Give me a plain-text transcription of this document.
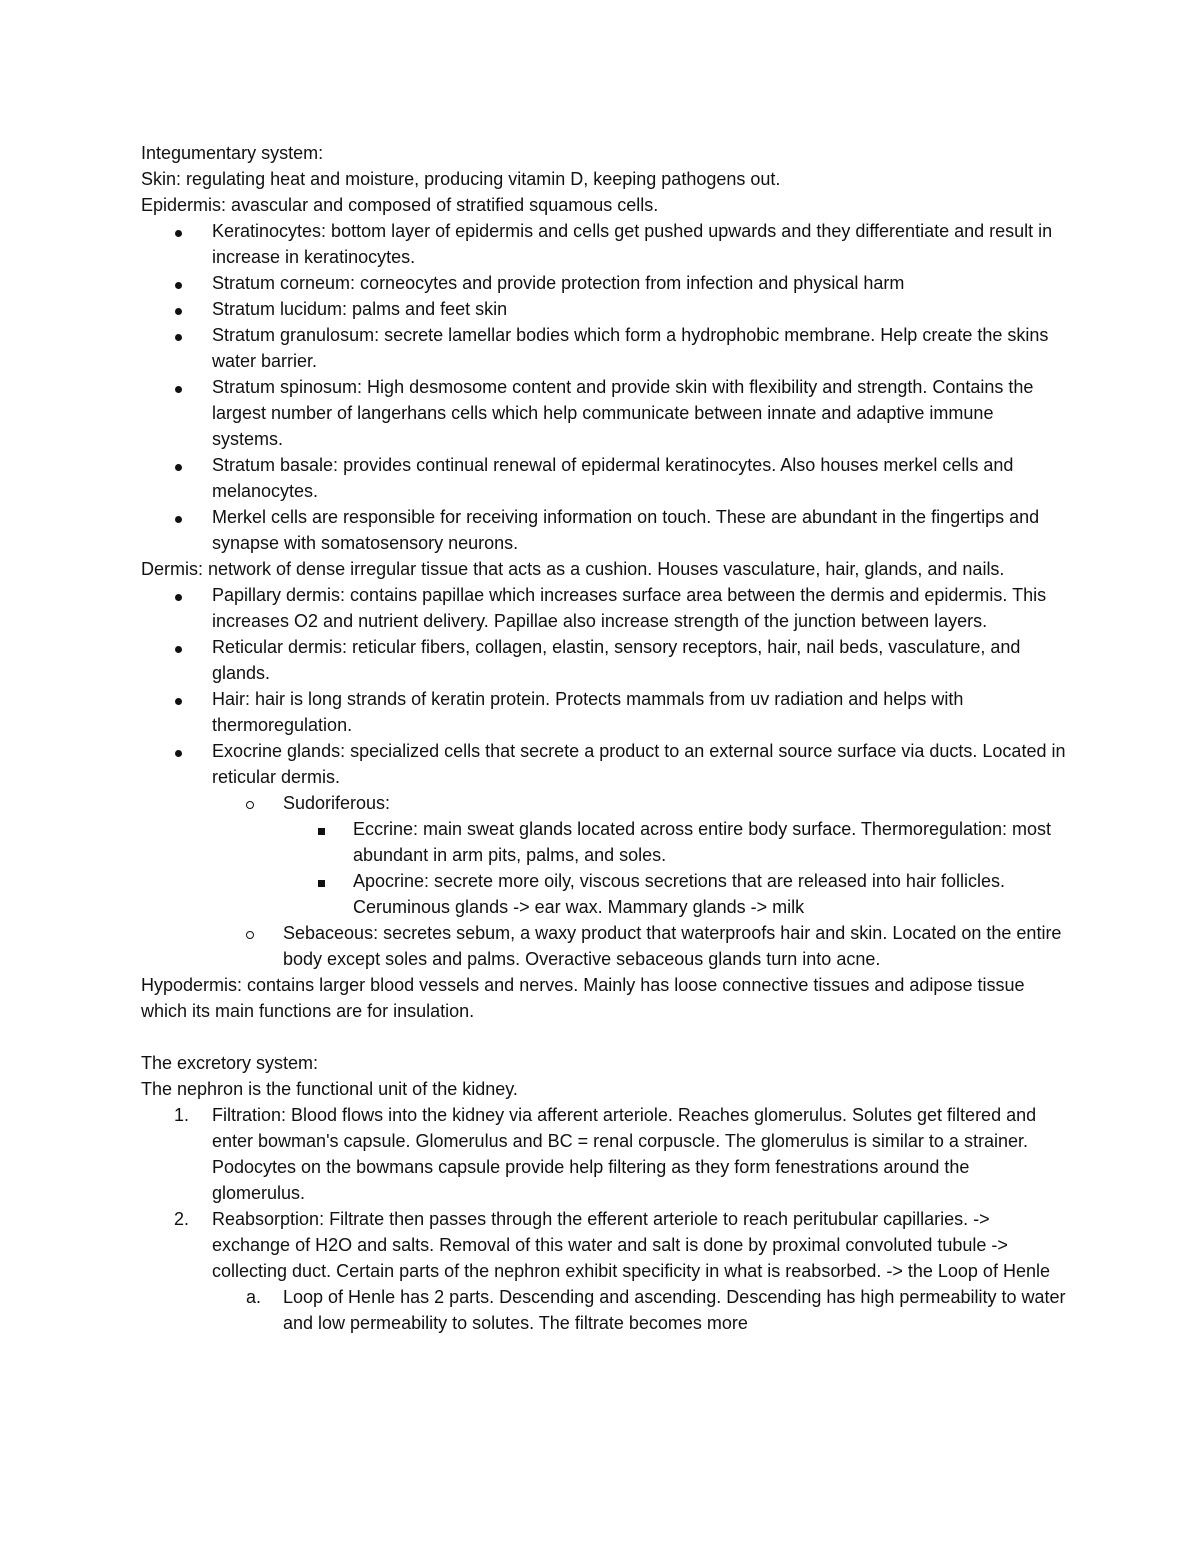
Integumentary system:

Skin: regulating heat and moisture, producing vitamin D, keeping pathogens out.

Epidermis: avascular and composed of stratified squamous cells.

Keratinocytes: bottom layer of epidermis and cells get pushed upwards and they differentiate and result in increase in keratinocytes.

Stratum corneum: corneocytes and provide protection from infection and physical harm

Stratum lucidum: palms and feet skin

Stratum granulosum: secrete lamellar bodies which form a hydrophobic membrane. Help create the skins water barrier.

Stratum spinosum: High desmosome content and provide skin with flexibility and strength. Contains the largest number of langerhans cells which help communicate between innate and adaptive immune systems.

Stratum basale: provides continual renewal of epidermal keratinocytes. Also houses merkel cells and melanocytes.

Merkel cells are responsible for receiving information on touch. These are abundant in the fingertips and synapse with somatosensory neurons.

Dermis: network of dense irregular tissue that acts as a cushion. Houses vasculature, hair, glands, and nails.

Papillary dermis: contains papillae which increases surface area between the dermis and epidermis. This increases O2 and nutrient delivery. Papillae also increase strength of the junction between layers.

Reticular dermis: reticular fibers, collagen, elastin, sensory receptors, hair, nail beds, vasculature, and glands.

Hair: hair is long strands of keratin protein. Protects mammals from uv radiation and helps with thermoregulation.

Exocrine glands: specialized cells that secrete a product to an external source surface via ducts. Located in reticular dermis.

Sudoriferous:

Eccrine: main sweat glands located across entire body surface. Thermoregulation: most abundant in arm pits, palms, and soles.

Apocrine: secrete more oily, viscous secretions that are released into hair follicles. Ceruminous glands -> ear wax. Mammary glands -> milk

Sebaceous: secretes sebum, a waxy product that waterproofs hair and skin. Located on the entire body except soles and palms. Overactive sebaceous glands turn into acne.

Hypodermis: contains larger blood vessels and nerves. Mainly has loose connective tissues and adipose tissue which its main functions are for insulation.

The excretory system:

The nephron is the functional unit of the kidney.

1.	Filtration: Blood flows into the kidney via afferent arteriole. Reaches glomerulus. Solutes get filtered and enter bowman's capsule. Glomerulus and BC = renal corpuscle. The glomerulus is similar to a strainer. Podocytes on the bowmans capsule provide help filtering as they form fenestrations around the glomerulus.

2.	Reabsorption: Filtrate then passes through the efferent arteriole to reach peritubular capillaries. -> exchange of H2O and salts. Removal of this water and salt is done by proximal convoluted tubule -> collecting duct. Certain parts of the nephron exhibit specificity in what is reabsorbed. -> the Loop of Henle

a.	Loop of Henle has 2 parts. Descending and ascending. Descending has high permeability to water and low permeability to solutes. The filtrate becomes more
